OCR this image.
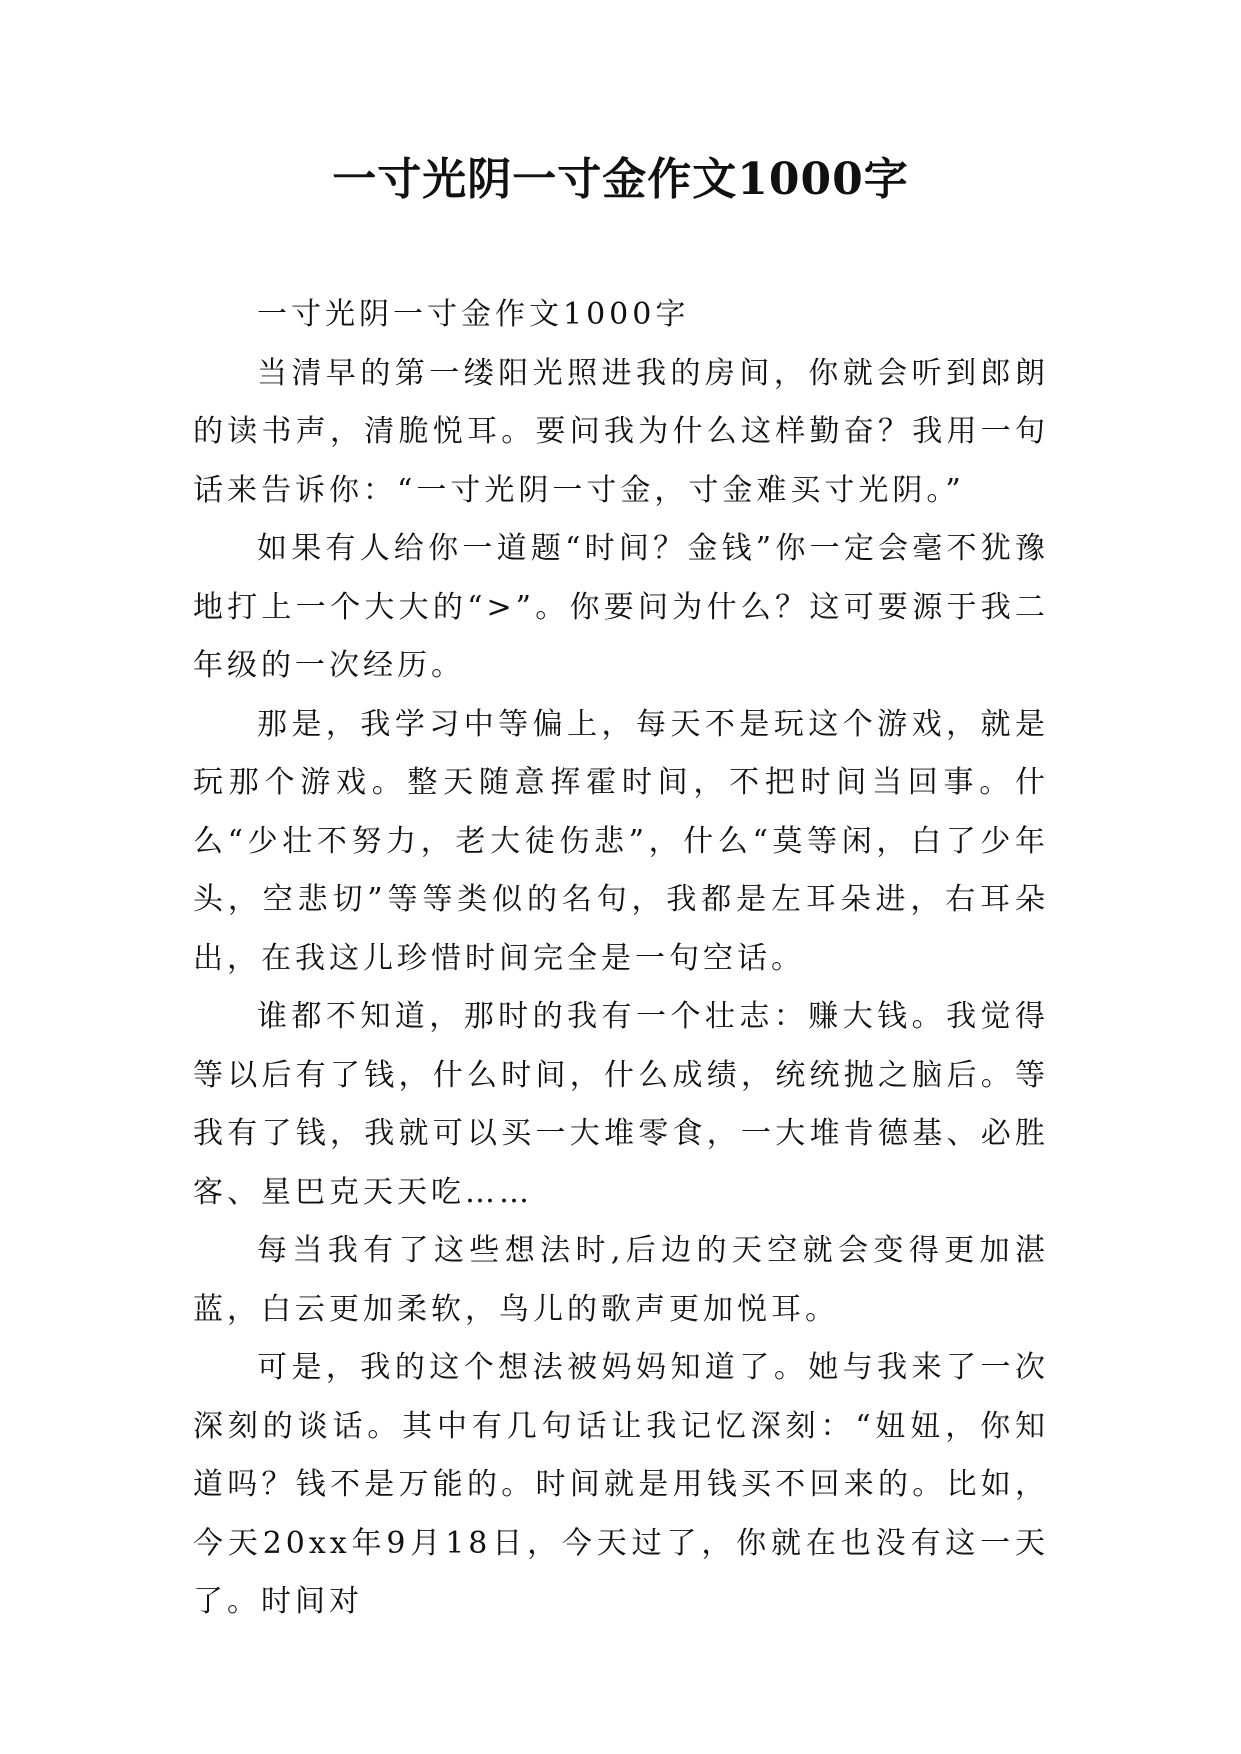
一寸光阴一寸金作文1000字

一寸光阴一寸金作文1000字

当清早的第一缕阳光照进我的房间，你就会听到郎朗的读书声，清脆悦耳。要问我为什么这样勤奋？我用一句话来告诉你：“一寸光阴一寸金，寸金难买寸光阴。”

如果有人给你一道题“时间？金钱”你一定会毫不犹豫地打上一个大大的“>”。你要问为什么？这可要源于我二年级的一次经历。

那是，我学习中等偏上，每天不是玩这个游戏，就是玩那个游戏。整天随意挥霍时间，不把时间当回事。什么“少壮不努力，老大徒伤悲”，什么“莫等闲，白了少年头，空悲切”等等类似的名句，我都是左耳朵进，右耳朵出，在我这儿珍惜时间完全是一句空话。

谁都不知道，那时的我有一个壮志：赚大钱。我觉得等以后有了钱，什么时间，什么成绩，统统抛之脑后。等我有了钱，我就可以买一大堆零食，一大堆肯德基、必胜客、星巴克天天吃……

每当我有了这些想法时,后边的天空就会变得更加湛蓝，白云更加柔软，鸟儿的歌声更加悦耳。

可是，我的这个想法被妈妈知道了。她与我来了一次深刻的谈话。其中有几句话让我记忆深刻：“妞妞，你知道吗？钱不是万能的。时间就是用钱买不回来的。比如，今天20xx年9月18日，今天过了，你就在也没有这一天了。时间对
